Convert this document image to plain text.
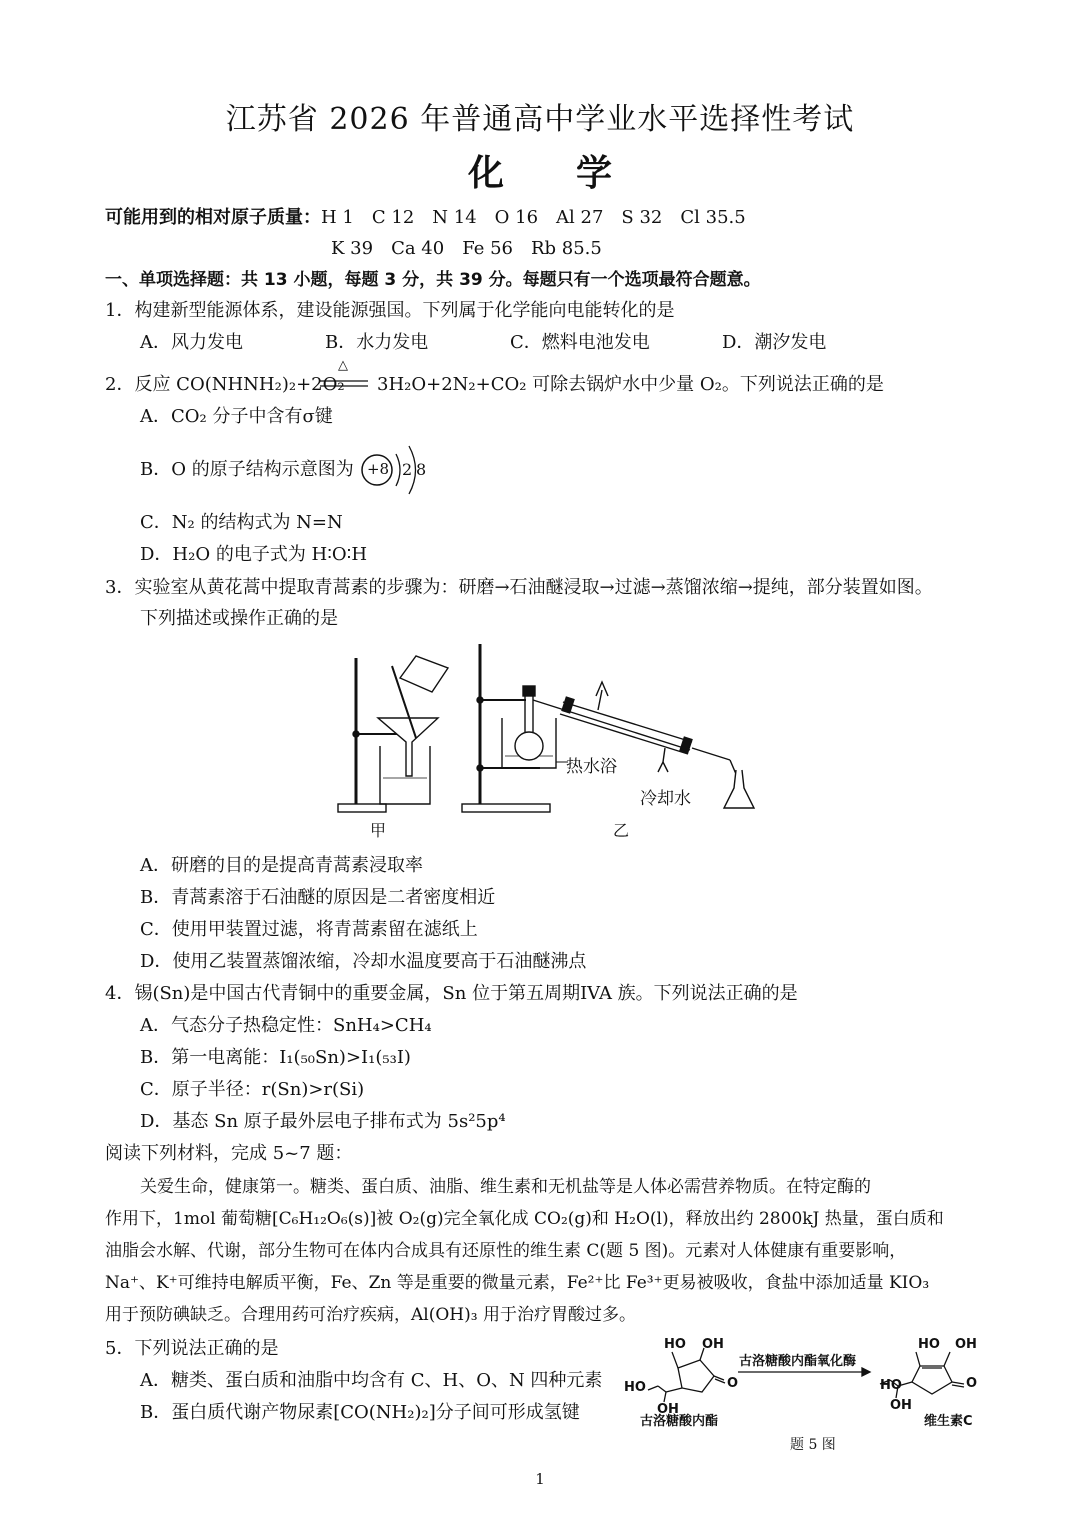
江苏省 2026 年普通高中学业水平选择性考试
化　　学
可能用到的相对原子质量：H 1　C 12　N 14　O 16　Al 27　S 32　Cl 35.5
K 39　Ca 40　Fe 56　Rb 85.5
一、单项选择题：共 13 小题，每题 3 分，共 39 分。每题只有一个选项最符合题意。
1．构建新型能源体系，建设能源强国。下列属于化学能向电能转化的是
A．风力发电	B．水力发电	C．燃料电池发电	D．潮汐发电
2．反应 CO(NHNH₂)₂+2O₂
△
3H₂O+2N₂+CO₂ 可除去锅炉水中少量 O₂。下列说法正确的是
A．CO₂ 分子中含有σ键
B．O 的原子结构示意图为 +8 2 8
C．N₂ 的结构式为 N=N
D．H₂O 的电子式为 H∶O∶H
3．实验室从黄花蒿中提取青蒿素的步骤为：研磨→石油醚浸取→过滤→蒸馏浓缩→提纯，部分装置如图。
下列描述或操作正确的是
热水浴
冷却水
甲	乙
A．研磨的目的是提高青蒿素浸取率
B．青蒿素溶于石油醚的原因是二者密度相近
C．使用甲装置过滤，将青蒿素留在滤纸上
D．使用乙装置蒸馏浓缩，冷却水温度要高于石油醚沸点
4．锡(Sn)是中国古代青铜中的重要金属，Sn 位于第五周期IVA 族。下列说法正确的是
A．气态分子热稳定性：SnH₄>CH₄
B．第一电离能：I₁(₅₀Sn)>I₁(₅₃I)
C．原子半径：r(Sn)>r(Si)
D．基态 Sn 原子最外层电子排布式为 5s²5p⁴
阅读下列材料，完成 5~7 题：
关爱生命，健康第一。糖类、蛋白质、油脂、维生素和无机盐等是人体必需营养物质。在特定酶的
作用下，1mol 葡萄糖[C₆H₁₂O₆(s)]被 O₂(g)完全氧化成 CO₂(g)和 H₂O(l)，释放出约 2800kJ 热量，蛋白质和
油脂会水解、代谢，部分生物可在体内合成具有还原性的维生素 C(题 5 图)。元素对人体健康有重要影响，
Na⁺、K⁺可维持电解质平衡，Fe、Zn 等是重要的微量元素，Fe²⁺比 Fe³⁺更易被吸收，食盐中添加适量 KIO₃
用于预防碘缺乏。合理用药可治疗疾病，Al(OH)₃ 用于治疗胃酸过多。
5．下列说法正确的是
A．糖类、蛋白质和油脂中均含有 C、H、O、N 四种元素
B．蛋白质代谢产物尿素[CO(NH₂)₂]分子间可形成氢键
HO OH
HO
OH
O
古洛糖酸内酯氧化酶
HO OH
HO
OH
O
古洛糖酸内酯	维生素C
题 5 图
1
